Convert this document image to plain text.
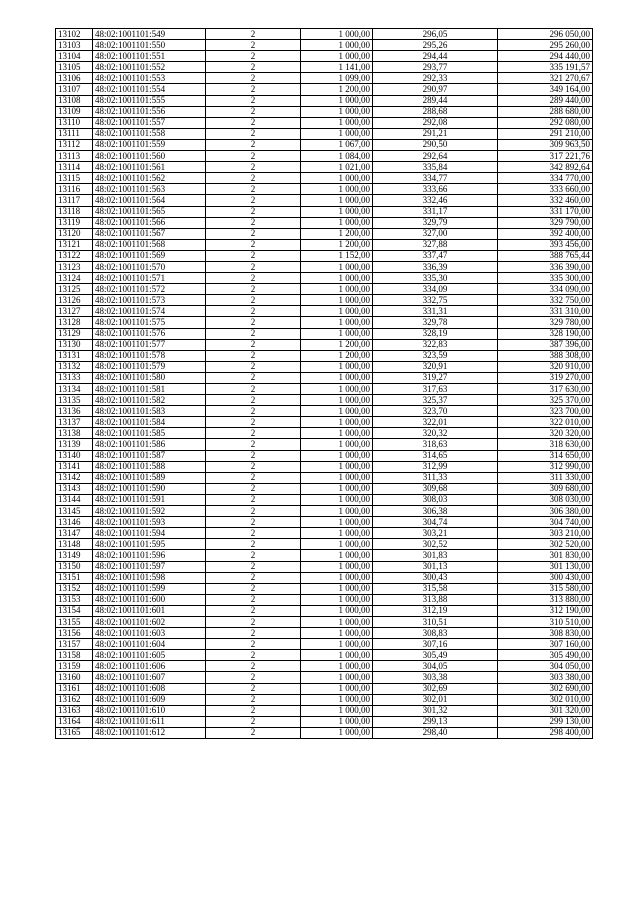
13102	48:02:1001101:549	2	1 000,00	296,05	296 050,00
13103	48:02:1001101:550	2	1 000,00	295,26	295 260,00
13104	48:02:1001101:551	2	1 000,00	294,44	294 440,00
13105	48:02:1001101:552	2	1 141,00	293,77	335 191,57
13106	48:02:1001101:553	2	1 099,00	292,33	321 270,67
13107	48:02:1001101:554	2	1 200,00	290,97	349 164,00
13108	48:02:1001101:555	2	1 000,00	289,44	289 440,00
13109	48:02:1001101:556	2	1 000,00	288,68	288 680,00
13110	48:02:1001101:557	2	1 000,00	292,08	292 080,00
13111	48:02:1001101:558	2	1 000,00	291,21	291 210,00
13112	48:02:1001101:559	2	1 067,00	290,50	309 963,50
13113	48:02:1001101:560	2	1 084,00	292,64	317 221,76
13114	48:02:1001101:561	2	1 021,00	335,84	342 892,64
13115	48:02:1001101:562	2	1 000,00	334,77	334 770,00
13116	48:02:1001101:563	2	1 000,00	333,66	333 660,00
13117	48:02:1001101:564	2	1 000,00	332,46	332 460,00
13118	48:02:1001101:565	2	1 000,00	331,17	331 170,00
13119	48:02:1001101:566	2	1 000,00	329,79	329 790,00
13120	48:02:1001101:567	2	1 200,00	327,00	392 400,00
13121	48:02:1001101:568	2	1 200,00	327,88	393 456,00
13122	48:02:1001101:569	2	1 152,00	337,47	388 765,44
13123	48:02:1001101:570	2	1 000,00	336,39	336 390,00
13124	48:02:1001101:571	2	1 000,00	335,30	335 300,00
13125	48:02:1001101:572	2	1 000,00	334,09	334 090,00
13126	48:02:1001101:573	2	1 000,00	332,75	332 750,00
13127	48:02:1001101:574	2	1 000,00	331,31	331 310,00
13128	48:02:1001101:575	2	1 000,00	329,78	329 780,00
13129	48:02:1001101:576	2	1 000,00	328,19	328 190,00
13130	48:02:1001101:577	2	1 200,00	322,83	387 396,00
13131	48:02:1001101:578	2	1 200,00	323,59	388 308,00
13132	48:02:1001101:579	2	1 000,00	320,91	320 910,00
13133	48:02:1001101:580	2	1 000,00	319,27	319 270,00
13134	48:02:1001101:581	2	1 000,00	317,63	317 630,00
13135	48:02:1001101:582	2	1 000,00	325,37	325 370,00
13136	48:02:1001101:583	2	1 000,00	323,70	323 700,00
13137	48:02:1001101:584	2	1 000,00	322,01	322 010,00
13138	48:02:1001101:585	2	1 000,00	320,32	320 320,00
13139	48:02:1001101:586	2	1 000,00	318,63	318 630,00
13140	48:02:1001101:587	2	1 000,00	314,65	314 650,00
13141	48:02:1001101:588	2	1 000,00	312,99	312 990,00
13142	48:02:1001101:589	2	1 000,00	311,33	311 330,00
13143	48:02:1001101:590	2	1 000,00	309,68	309 680,00
13144	48:02:1001101:591	2	1 000,00	308,03	308 030,00
13145	48:02:1001101:592	2	1 000,00	306,38	306 380,00
13146	48:02:1001101:593	2	1 000,00	304,74	304 740,00
13147	48:02:1001101:594	2	1 000,00	303,21	303 210,00
13148	48:02:1001101:595	2	1 000,00	302,52	302 520,00
13149	48:02:1001101:596	2	1 000,00	301,83	301 830,00
13150	48:02:1001101:597	2	1 000,00	301,13	301 130,00
13151	48:02:1001101:598	2	1 000,00	300,43	300 430,00
13152	48:02:1001101:599	2	1 000,00	315,58	315 580,00
13153	48:02:1001101:600	2	1 000,00	313,88	313 880,00
13154	48:02:1001101:601	2	1 000,00	312,19	312 190,00
13155	48:02:1001101:602	2	1 000,00	310,51	310 510,00
13156	48:02:1001101:603	2	1 000,00	308,83	308 830,00
13157	48:02:1001101:604	2	1 000,00	307,16	307 160,00
13158	48:02:1001101:605	2	1 000,00	305,49	305 490,00
13159	48:02:1001101:606	2	1 000,00	304,05	304 050,00
13160	48:02:1001101:607	2	1 000,00	303,38	303 380,00
13161	48:02:1001101:608	2	1 000,00	302,69	302 690,00
13162	48:02:1001101:609	2	1 000,00	302,01	302 010,00
13163	48:02:1001101:610	2	1 000,00	301,32	301 320,00
13164	48:02:1001101:611	2	1 000,00	299,13	299 130,00
13165	48:02:1001101:612	2	1 000,00	298,40	298 400,00
